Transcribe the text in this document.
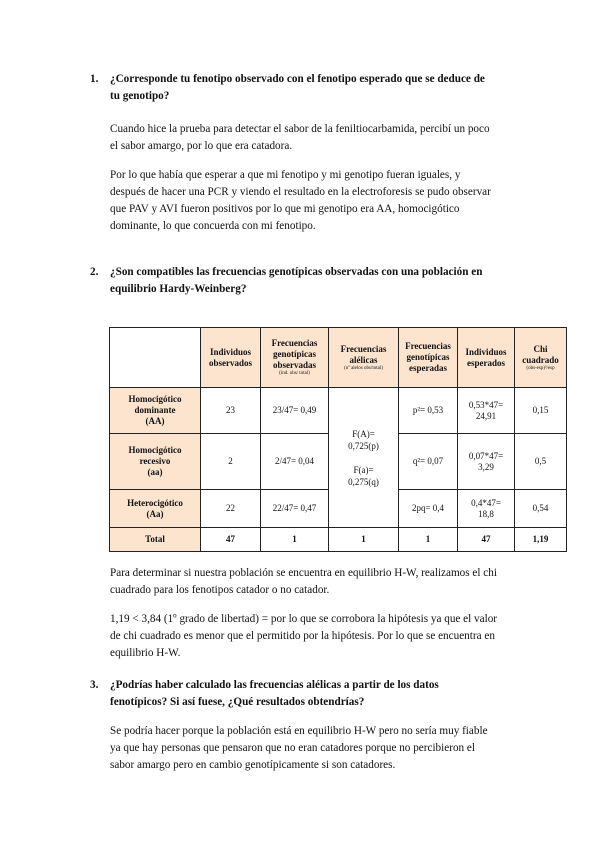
1.	¿Corresponde tu fenotipo observado con el fenotipo esperado que se deduce de
tu genotipo?
Cuando hice la prueba para detectar el sabor de la feniltiocarbamida, percibí un poco
el sabor amargo, por lo que era catadora.
Por lo que había que esperar a que mi fenotipo y mi genotipo fueran iguales, y
después de hacer una PCR y viendo el resultado en la electroforesis se pudo observar
que PAV y AVI fueron positivos por lo que mi genotipo era AA, homocigótico
dominante, lo que concuerda con mi fenotipo.
2.	¿Son compatibles las frecuencias genotípicas observadas con una población en
equilibrio Hardy-Weinberg?
	Individuos observados	Frecuencias genotípicas observadas
(ind. obs/ total)	Frecuencias alélicas
(nº alelos obs/total)	Frecuencias genotípicas esperadas	Individuos esperados	Chi cuadrado
(obs-esp)²/esp

Homocigótico
dominante
(AA)	23	23/47= 0,49	F(A)=
0,725(p)

F(a)=
0,275(q)	p²= 0,53	0,53*47=
24,91	0,15
Homocigótico
recesivo
(aa)	2	2/47= 0,04		q²= 0,07	0,07*47=
3,29	0,5
Heterocigótico
(Aa)	22	22/47= 0,47		2pq= 0,4	0,4*47=
18,8	0,54
Total	47	1	1	1	47	1,19
Para determinar si nuestra población se encuentra en equilibrio H-W, realizamos el chi
cuadrado para los fenotipos catador o no catador.
1,19 < 3,84 (1º grado de libertad) = por lo que se corrobora la hipótesis ya que el valor
de chi cuadrado es menor que el permitido por la hipótesis. Por lo que se encuentra en
equilibrio H-W.
3.	¿Podrías haber calculado las frecuencias alélicas a partir de los datos
fenotípicos? Si así fuese, ¿Qué resultados obtendrías?
Se podría hacer porque la población está en equilibrio H-W pero no sería muy fiable
ya que hay personas que pensaron que no eran catadores porque no percibieron el
sabor amargo pero en cambio genotípicamente si son catadores.
